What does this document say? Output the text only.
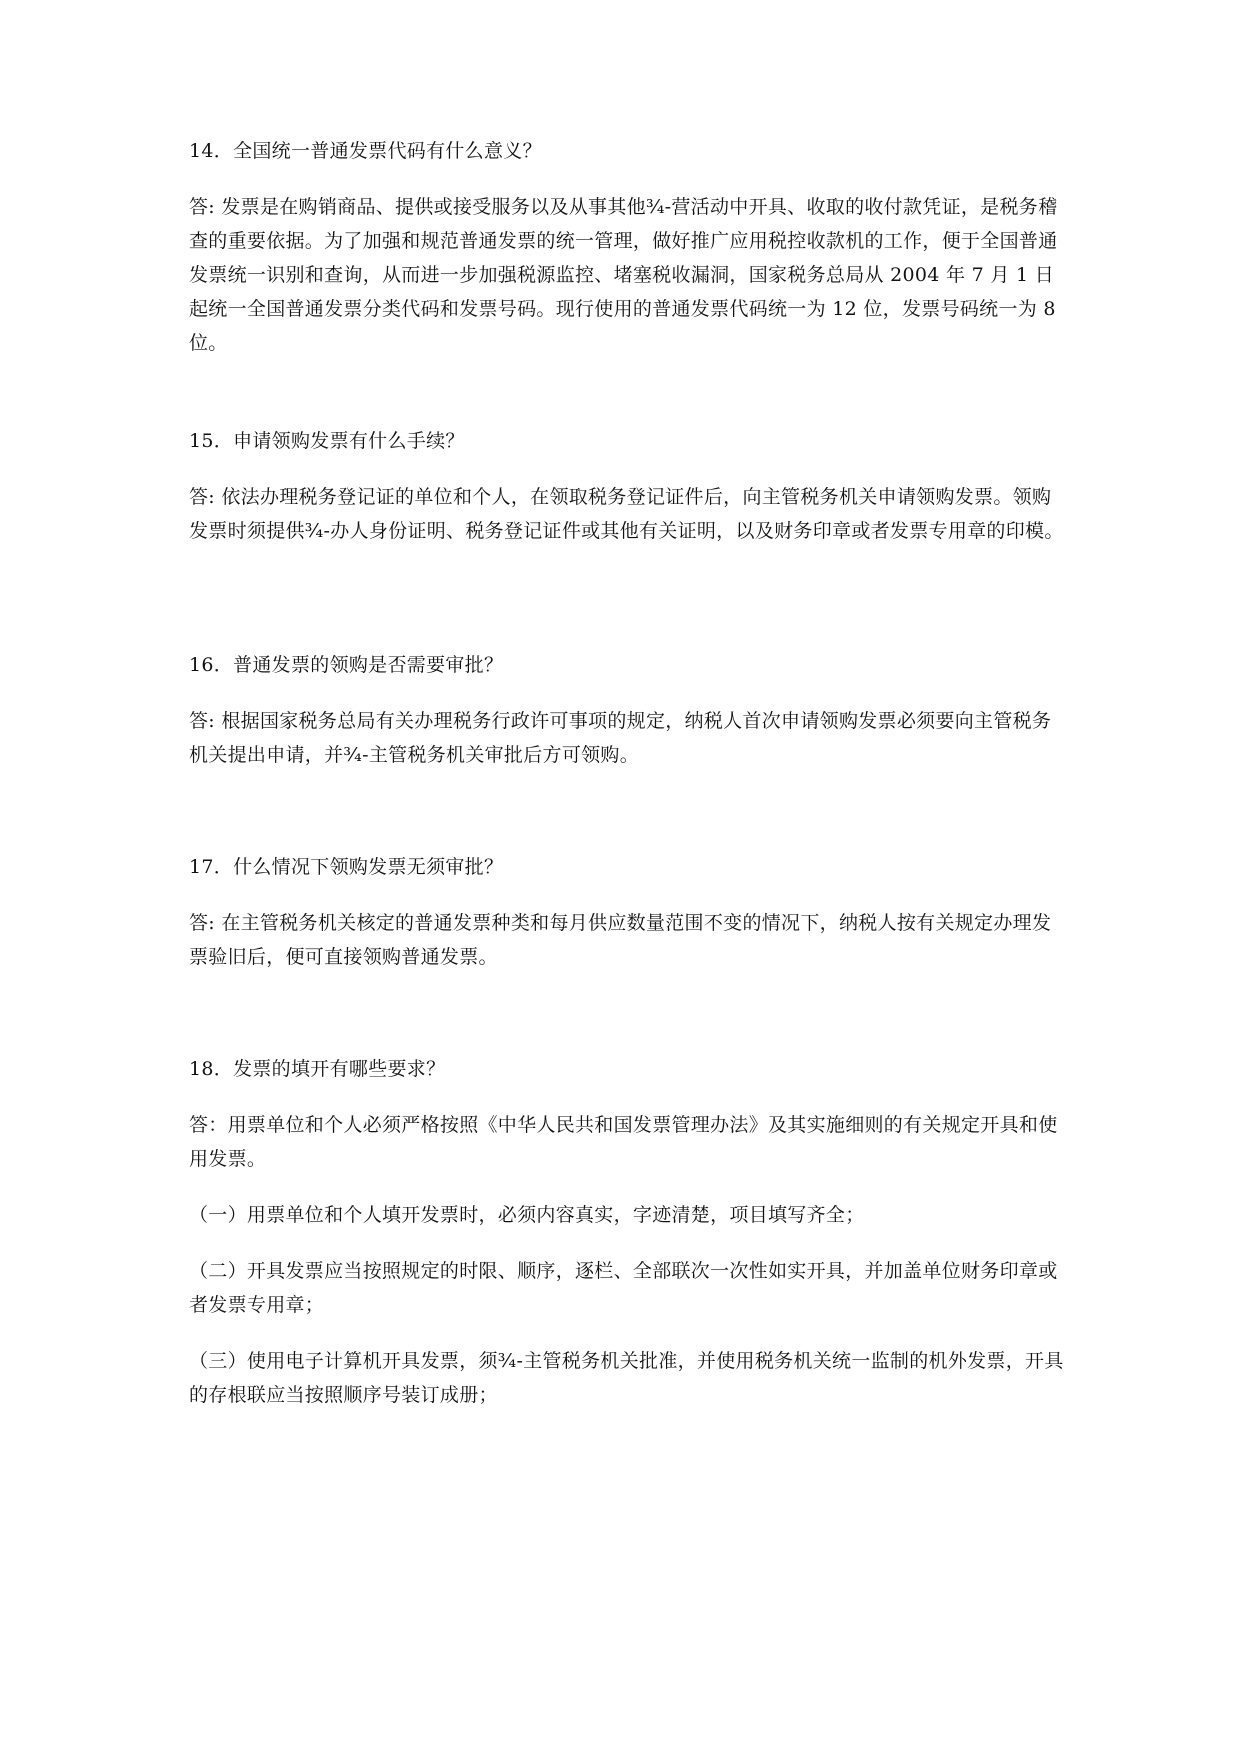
14．全国统一普通发票代码有什么意义？

答: 发票是在购销商品、提供或接受服务以及从事其他¾-营活动中开具、收取的收付款凭证，是税务稽查的重要依据。为了加强和规范普通发票的统一管理，做好推广应用税控收款机的工作，便于全国普通发票统一识别和查询，从而进一步加强税源监控、堵塞税收漏洞，国家税务总局从 2004 年 7 月 1 日起统一全国普通发票分类代码和发票号码。现行使用的普通发票代码统一为 12 位，发票号码统一为 8 位。

15．申请领购发票有什么手续？

答: 依法办理税务登记证的单位和个人，在领取税务登记证件后，向主管税务机关申请领购发票。领购发票时须提供¾-办人身份证明、税务登记证件或其他有关证明，以及财务印章或者发票专用章的印模。

16．普通发票的领购是否需要审批？

答: 根据国家税务总局有关办理税务行政许可事项的规定，纳税人首次申请领购发票必须要向主管税务机关提出申请，并¾-主管税务机关审批后方可领购。

17．什么情况下领购发票无须审批？

答: 在主管税务机关核定的普通发票种类和每月供应数量范围不变的情况下，纳税人按有关规定办理发票验旧后，便可直接领购普通发票。

18．发票的填开有哪些要求？

答：用票单位和个人必须严格按照《中华人民共和国发票管理办法》及其实施细则的有关规定开具和使用发票。

（一）用票单位和个人填开发票时，必须内容真实，字迹清楚，项目填写齐全；

（二）开具发票应当按照规定的时限、顺序，逐栏、全部联次一次性如实开具，并加盖单位财务印章或者发票专用章；

（三）使用电子计算机开具发票，须¾-主管税务机关批准，并使用税务机关统一监制的机外发票，开具的存根联应当按照顺序号装订成册；
